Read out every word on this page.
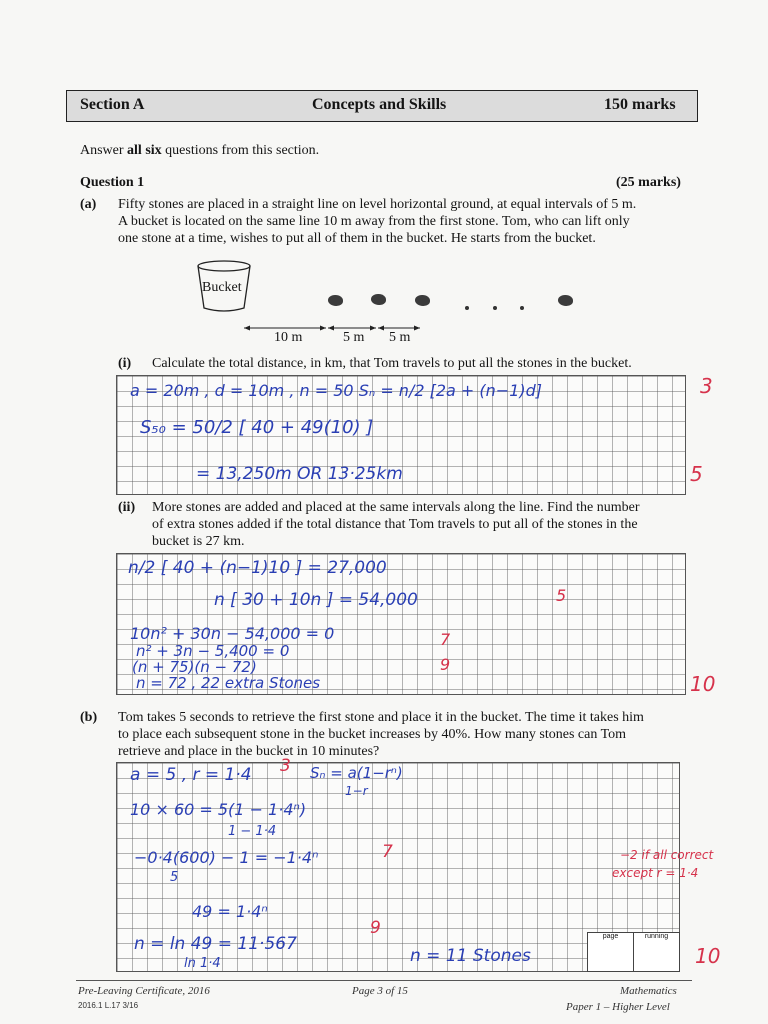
Section A	Concepts and Skills	150 marks
Answer all six questions from this section.
Question 1	(25 marks)
(a) Fifty stones are placed in a straight line on level horizontal ground, at equal intervals of 5 m.
A bucket is located on the same line 10 m away from the first stone. Tom, who can lift only
one stone at a time, wishes to put all of them in the bucket. He starts from the bucket.
Bucket
10 m	5 m 5 m
(i) Calculate the total distance, in km, that Tom travels to put all the stones in the bucket.
a = 20m , d = 10m , n = 50 Sₙ = n/2 [2a + (n−1)d]
S₅₀ = 50/2 [ 40 + 49(10) ]
= 13,250m OR 13·25km
3
5
(ii) More stones are added and placed at the same intervals along the line. Find the number
of extra stones added if the total distance that Tom travels to put all of the stones in the
bucket is 27 km.
n/2 [ 40 + (n−1)10 ] = 27,000
n [ 30 + 10n ] = 54,000
10n² + 30n − 54,000 = 0
n² + 3n − 5,400 = 0
(n + 75)(n − 72)
n = 72 , 22 extra Stones
5
7
9
10
(b) Tom takes 5 seconds to retrieve the first stone and place it in the bucket. The time it takes him
to place each subsequent stone in the bucket increases by 40%. How many stones can Tom
retrieve and place in the bucket in 10 minutes?
a = 5 , r = 1·4	Sₙ = a(1−rⁿ)
1−r
10 × 60 = 5(1 − 1·4ⁿ)
1 − 1·4
−0·4(600) − 1 = −1·4ⁿ
5
49 = 1·4ⁿ
n = ln 49 = 11·567
ln 1·4	n = 11 Stones
3
7
9
−2 if all correct
except r = 1·4
10
page	running
Pre-Leaving Certificate, 2016
2016.1 L.17 3/16
Page 3 of 15	Mathematics
Paper 1 – Higher Level
